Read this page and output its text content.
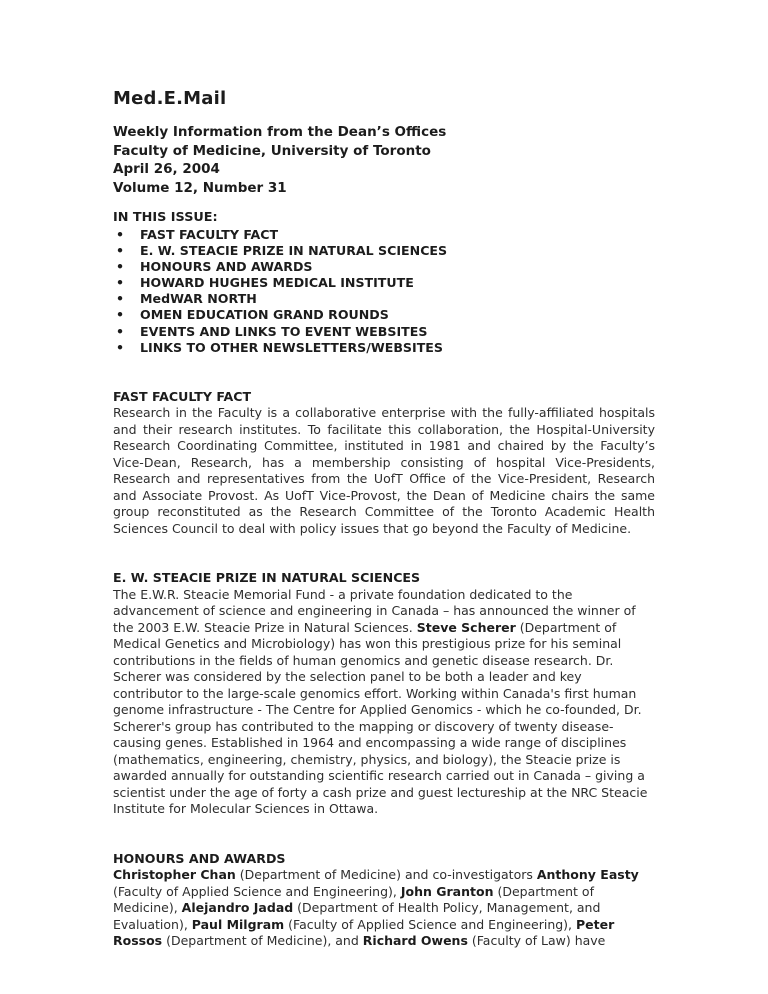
Med.E.Mail
Weekly Information from the Dean’s Offices
Faculty of Medicine, University of Toronto
April 26, 2004
Volume 12, Number 31
IN THIS ISSUE:
• FAST FACULTY FACT
• E. W. STEACIE PRIZE IN NATURAL SCIENCES
• HONOURS AND AWARDS
• HOWARD HUGHES MEDICAL INSTITUTE
• MedWAR NORTH
• OMEN EDUCATION GRAND ROUNDS
• EVENTS AND LINKS TO EVENT WEBSITES
• LINKS TO OTHER NEWSLETTERS/WEBSITES
FAST FACULTY FACT

Research in the Faculty is a collaborative enterprise with the fully-affiliated hospitals and their research institutes. To facilitate this collaboration, the Hospital-University Research Coordinating Committee, instituted in 1981 and chaired by the Faculty’s Vice-Dean, Research, has a membership consisting of hospital Vice-Presidents, Research and representatives from the UofT Office of the Vice-President, Research and Associate Provost. As UofT Vice-Provost, the Dean of Medicine chairs the same group reconstituted as the Research Committee of the Toronto Academic Health Sciences Council to deal with policy issues that go beyond the Faculty of Medicine.

E. W. STEACIE PRIZE IN NATURAL SCIENCES

The E.W.R. Steacie Memorial Fund - a private foundation dedicated to the advancement of science and engineering in Canada – has announced the winner of the 2003 E.W. Steacie Prize in Natural Sciences. Steve Scherer (Department of Medical Genetics and Microbiology) has won this prestigious prize for his seminal contributions in the fields of human genomics and genetic disease research. Dr. Scherer was considered by the selection panel to be both a leader and key contributor to the large-scale genomics effort. Working within Canada's first human genome infrastructure - The Centre for Applied Genomics - which he co-founded, Dr. Scherer's group has contributed to the mapping or discovery of twenty disease-causing genes. Established in 1964 and encompassing a wide range of disciplines (mathematics, engineering, chemistry, physics, and biology), the Steacie prize is awarded annually for outstanding scientific research carried out in Canada – giving a scientist under the age of forty a cash prize and guest lectureship at the NRC Steacie Institute for Molecular Sciences in Ottawa.

HONOURS AND AWARDS

Christopher Chan (Department of Medicine) and co-investigators Anthony Easty (Faculty of Applied Science and Engineering), John Granton (Department of Medicine), Alejandro Jadad (Department of Health Policy, Management, and Evaluation), Paul Milgram (Faculty of Applied Science and Engineering), Peter Rossos (Department of Medicine), and Richard Owens (Faculty of Law) have
